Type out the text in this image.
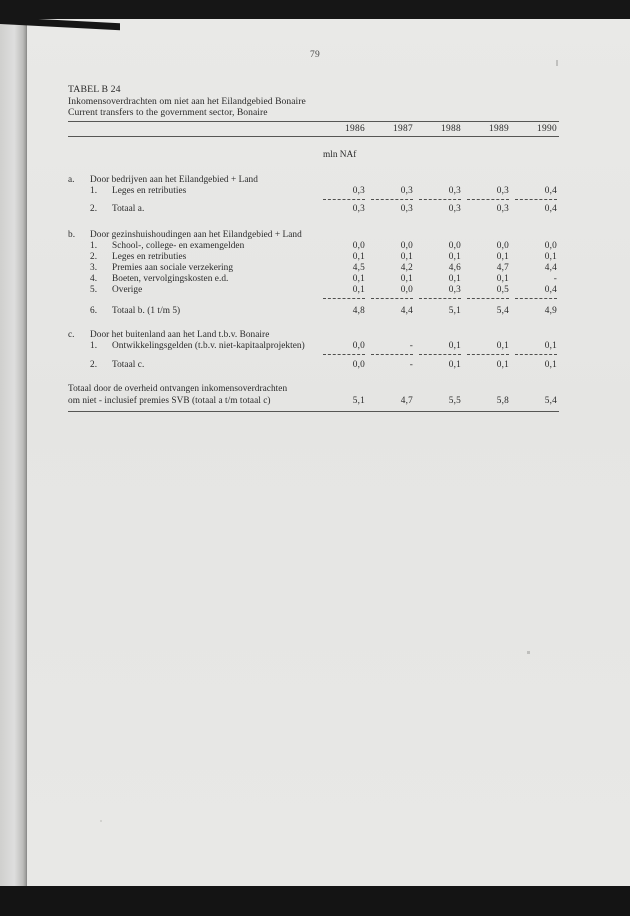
79
TABEL B 24
Inkomensoverdrachten om niet aan het Eilandgebied Bonaire
Current transfers to the government sector, Bonaire
1986	1987	1988	1989	1990
mln NAf
a. Door bedrijven aan het Eilandgebied + Land
1. Leges en retributies	0,3	0,3	0,3	0,3	0,4
2. Totaal a.	0,3	0,3	0,3	0,3	0,4
b. Door gezinshuishoudingen aan het Eilandgebied + Land
1. School-, college- en examengelden	0,0	0,0	0,0	0,0	0,0
2. Leges en retributies	0,1	0,1	0,1	0,1	0,1
3. Premies aan sociale verzekering	4,5	4,2	4,6	4,7	4,4
4. Boeten, vervolgingskosten e.d.	0,1	0,1	0,1	0,1	-
5. Overige	0,1	0,0	0,3	0,5	0,4
6. Totaal b. (1 t/m 5)	4,8	4,4	5,1	5,4	4,9
c. Door het buitenland aan het Land t.b.v. Bonaire
1. Ontwikkelingsgelden (t.b.v. niet-kapitaalprojekten)	0,0	-	0,1	0,1	0,1
2. Totaal c.	0,0	-	0,1	0,1	0,1
Totaal door de overheid ontvangen inkomensoverdrachten
om niet - inclusief premies SVB (totaal a t/m totaal c)	5,1	4,7	5,5	5,8	5,4
